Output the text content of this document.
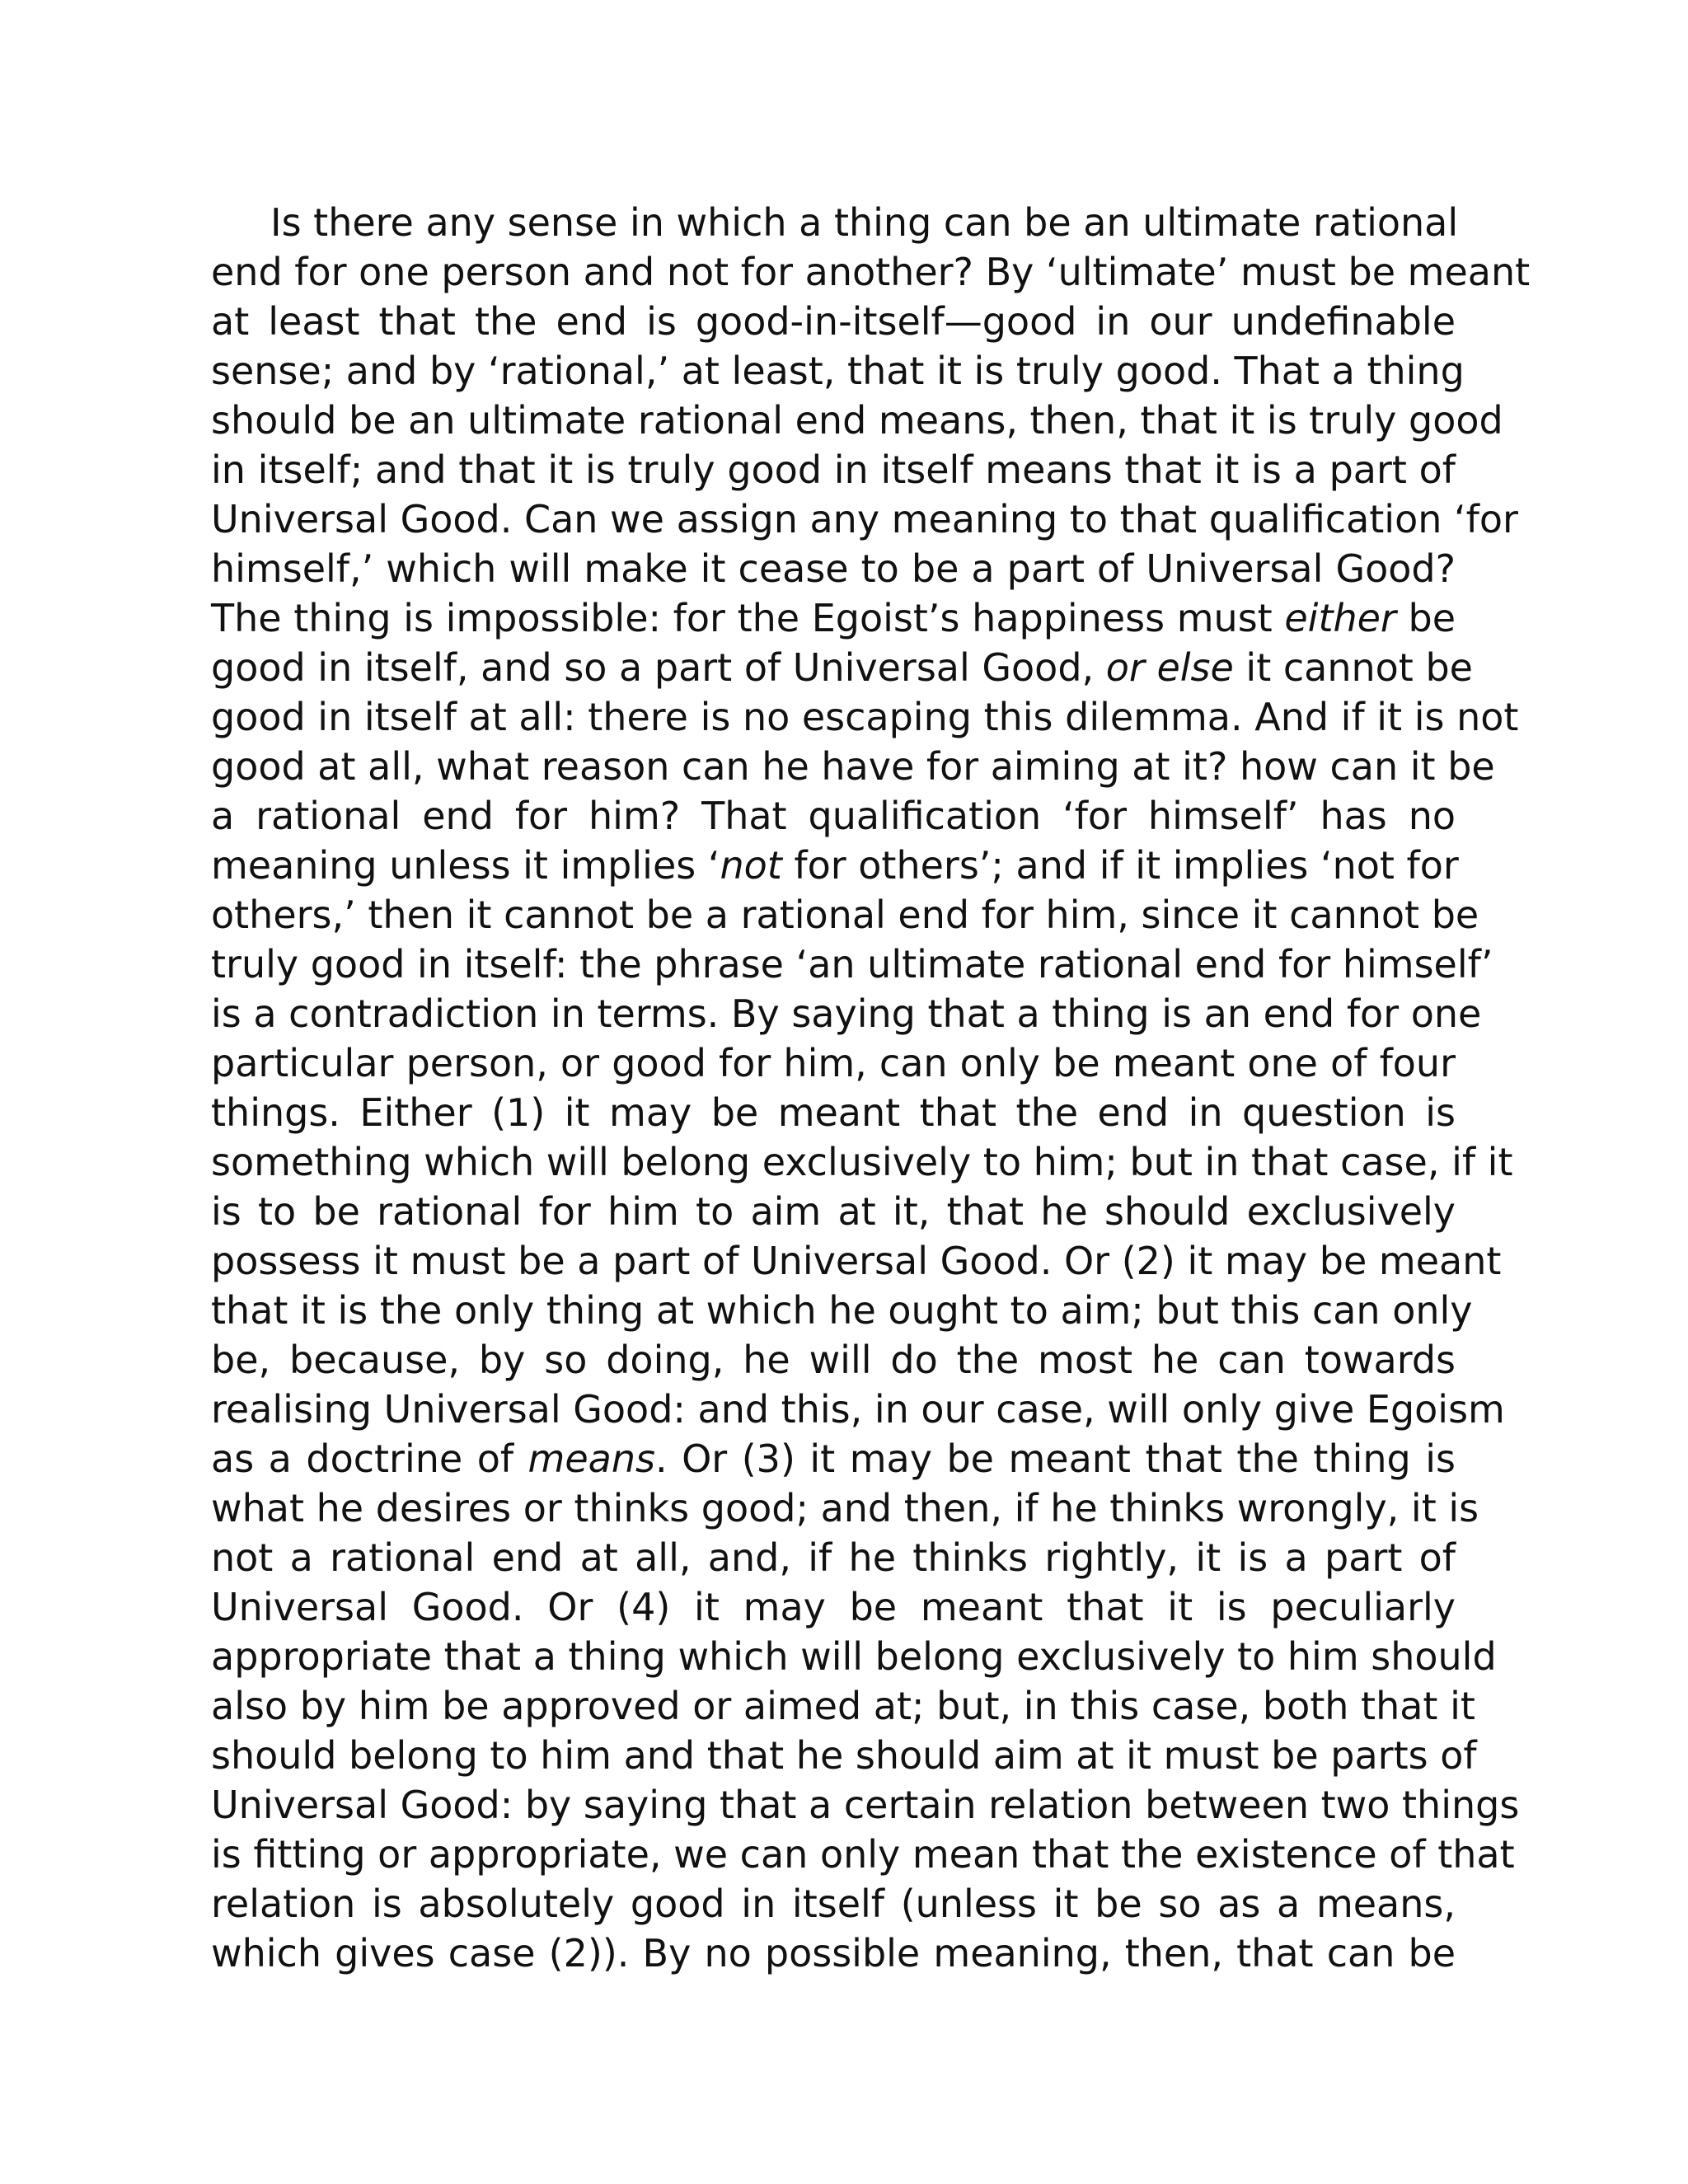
Is there any sense in which a thing can be an ultimate rational
end for one person and not for another? By ‘ultimate’ must be meant
at least that the end is good-in-itself—good in our undefinable
sense; and by ‘rational,’ at least, that it is truly good. That a thing
should be an ultimate rational end means, then, that it is truly good
in itself; and that it is truly good in itself means that it is a part of
Universal Good. Can we assign any meaning to that qualification ‘for
himself,’ which will make it cease to be a part of Universal Good?
The thing is impossible: for the Egoist’s happiness must either be
good in itself, and so a part of Universal Good, or else it cannot be
good in itself at all: there is no escaping this dilemma. And if it is not
good at all, what reason can he have for aiming at it? how can it be
a rational end for him? That qualification ‘for himself’ has no
meaning unless it implies ‘not for others’; and if it implies ‘not for
others,’ then it cannot be a rational end for him, since it cannot be
truly good in itself: the phrase ‘an ultimate rational end for himself’
is a contradiction in terms. By saying that a thing is an end for one
particular person, or good for him, can only be meant one of four
things. Either (1) it may be meant that the end in question is
something which will belong exclusively to him; but in that case, if it
is to be rational for him to aim at it, that he should exclusively
possess it must be a part of Universal Good. Or (2) it may be meant
that it is the only thing at which he ought to aim; but this can only
be, because, by so doing, he will do the most he can towards
realising Universal Good: and this, in our case, will only give Egoism
as a doctrine of means. Or (3) it may be meant that the thing is
what he desires or thinks good; and then, if he thinks wrongly, it is
not a rational end at all, and, if he thinks rightly, it is a part of
Universal Good. Or (4) it may be meant that it is peculiarly
appropriate that a thing which will belong exclusively to him should
also by him be approved or aimed at; but, in this case, both that it
should belong to him and that he should aim at it must be parts of
Universal Good: by saying that a certain relation between two things
is fitting or appropriate, we can only mean that the existence of that
relation is absolutely good in itself (unless it be so as a means,
which gives case (2)). By no possible meaning, then, that can be
